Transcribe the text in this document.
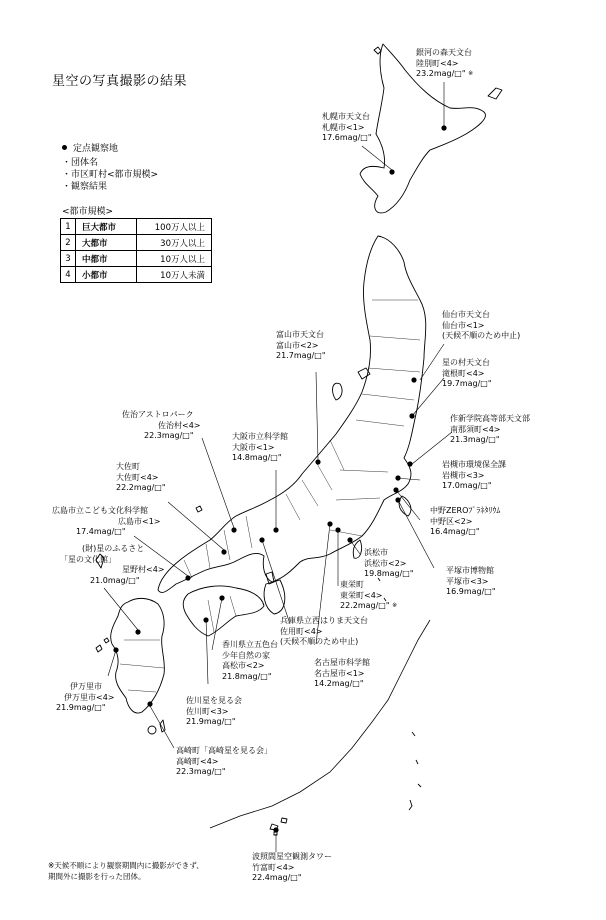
星空の写真撮影の結果
定点観察地
・団体名
・市区町村<都市規模>
・観察結果
<都市規模>
1	巨大都市	100万人以上
2	大都市	30万人以上
3	中都市	10万人以上
4	小都市	10万人未満
銀河の森天文台
陸別町<4>
23.2mag/□" ※
札幌市天文台
札幌市<1>
17.6mag/□"
仙台市天文台
仙台市<1>
(天候不順のため中止)
星の村天文台
滝根町<4>
19.7mag/□"
作新学院高等部天文部
南那須町<4>
21.3mag/□"
岩槻市環境保全課
岩槻市<3>
17.0mag/□"
中野ZEROﾌﾟﾗﾈﾀﾘｳﾑ
中野区<2>
16.4mag/□"
平塚市博物館
平塚市<3>
16.9mag/□"
浜松市
浜松市<2>
19.8mag/□"
東栄町
東栄町<4>
22.2mag/□" ※
名古屋市科学館
名古屋市<1>
14.2mag/□"
兵庫県立西はりま天文台
佐用町<4>
(天候不順のため中止)
大阪市立科学館
大阪市<1>
14.8mag/□"
富山市天文台
富山市<2>
21.7mag/□"
佐治アストロパーク
佐治村<4>
22.3mag/□"
大佐町
大佐町<4>
22.2mag/□"
広島市立こども文化科学館
広島市<1>
17.4mag/□"
(財)星のふるさと
「星の文化館」
星野村<4>
21.0mag/□"
香川県立五色台
少年自然の家
高松市<2>
21.8mag/□"
佐川星を見る会
佐川町<3>
21.9mag/□"
伊万里市
伊万里市<4>
21.9mag/□"
高崎町「高崎星を見る会」
高崎町<4>
22.3mag/□"
波照間星空観測タワー
竹富町<4>
22.4mag/□"
※天候不順により観察期間内に撮影ができず、
期間外に撮影を行った団体。
